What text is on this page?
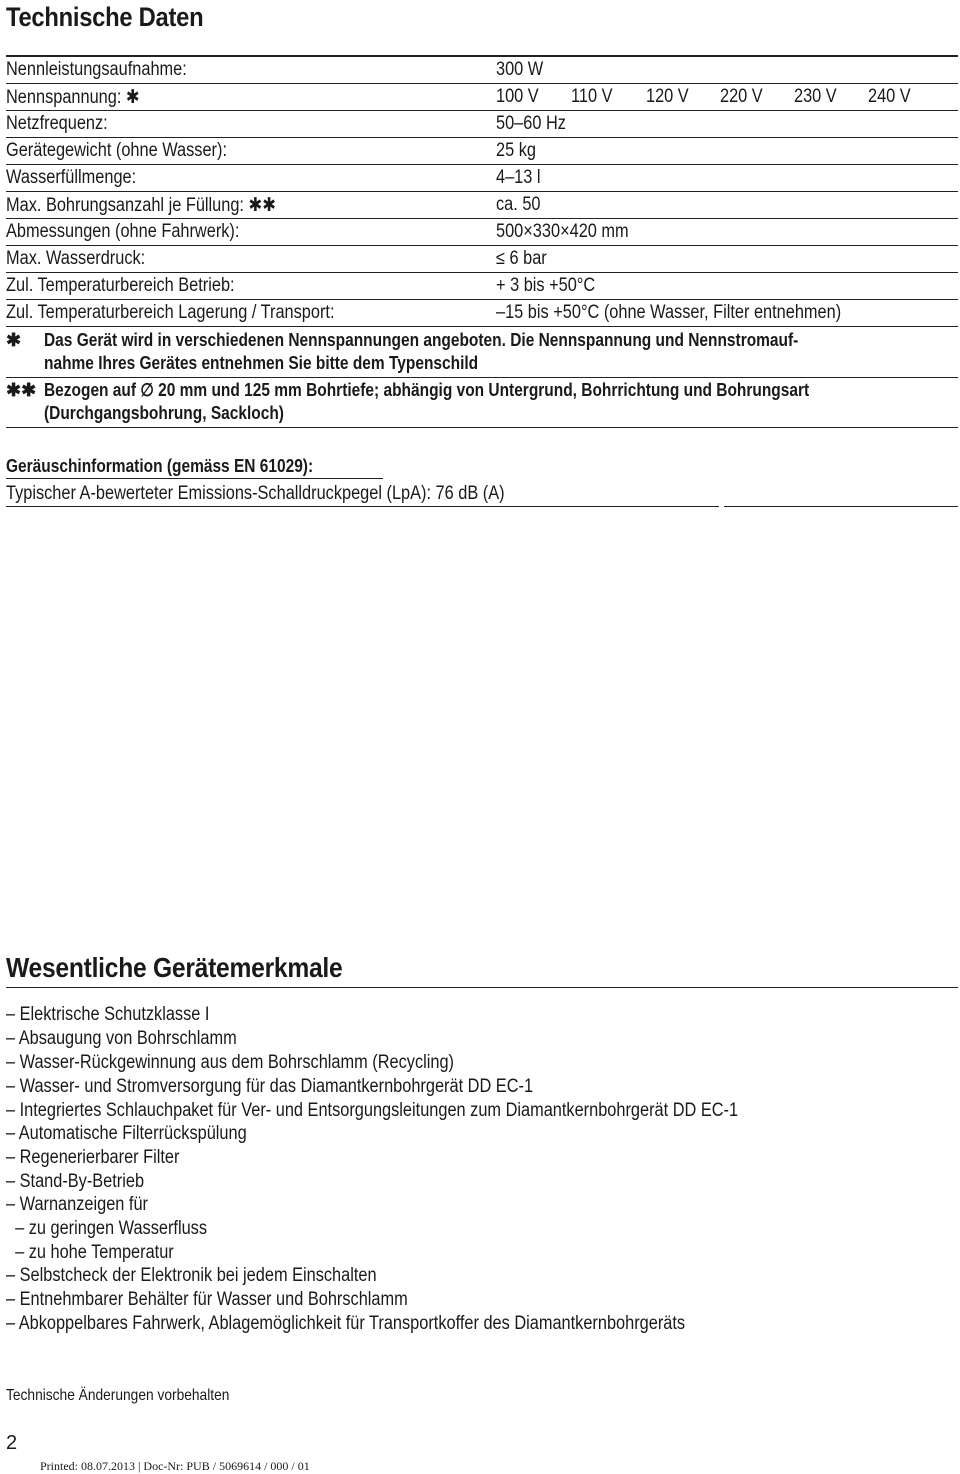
Technische Daten
Nennleistungsaufnahme:	300 W
Nennspannung: ✱	100 V 110 V 120 V 220 V 230 V 240 V
Netzfrequenz:	50–60 Hz
Gerätegewicht (ohne Wasser):	25 kg
Wasserfüllmenge:	4–13 l
Max. Bohrungsanzahl je Füllung: ✱✱	ca. 50
Abmessungen (ohne Fahrwerk):	500×330×420 mm
Max. Wasserdruck:	≤ 6 bar
Zul. Temperaturbereich Betrieb:	+ 3 bis +50°C
Zul. Temperaturbereich Lagerung / Transport:	–15 bis +50°C (ohne Wasser, Filter entnehmen)
✱ Das Gerät wird in verschiedenen Nennspannungen angeboten. Die Nennspannung und Nennstromauf-
nahme Ihres Gerätes entnehmen Sie bitte dem Typenschild
✱✱ Bezogen auf ∅ 20 mm und 125 mm Bohrtiefe; abhängig von Untergrund, Bohrrichtung und Bohrungsart
(Durchgangsbohrung, Sackloch)
Geräuschinformation (gemäss EN 61029):
Typischer A-bewerteter Emissions-Schalldruckpegel (LpA): 76 dB (A)
Wesentliche Gerätemerkmale
– Elektrische Schutzklasse I
– Absaugung von Bohrschlamm
– Wasser-Rückgewinnung aus dem Bohrschlamm (Recycling)
– Wasser- und Stromversorgung für das Diamantkernbohrgerät DD EC-1
– Integriertes Schlauchpaket für Ver- und Entsorgungsleitungen zum Diamantkernbohrgerät DD EC-1
– Automatische Filterrückspülung
– Regenerierbarer Filter
– Stand-By-Betrieb
– Warnanzeigen für
– zu geringen Wasserfluss
– zu hohe Temperatur
– Selbstcheck der Elektronik bei jedem Einschalten
– Entnehmbarer Behälter für Wasser und Bohrschlamm
– Abkoppelbares Fahrwerk, Ablagemöglichkeit für Transportkoffer des Diamantkernbohrgeräts
Technische Änderungen vorbehalten
2
Printed: 08.07.2013 | Doc-Nr: PUB / 5069614 / 000 / 01
